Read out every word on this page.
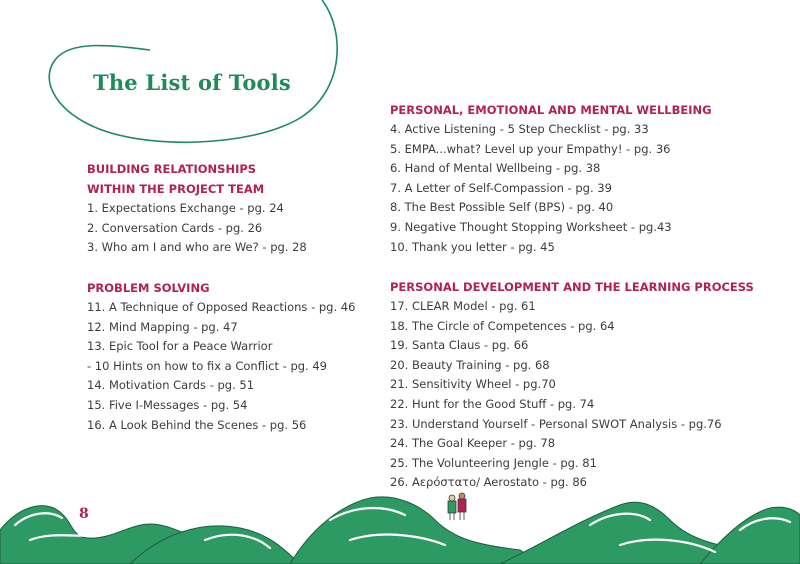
The List of Tools
BUILDING RELATIONSHIPS
WITHIN THE PROJECT TEAM
1. Expectations Exchange - pg. 24
2. Conversation Cards - pg. 26
3. Who am I and who are We? - pg. 28
PROBLEM SOLVING
11. A Technique of Opposed Reactions - pg. 46
12. Mind Mapping - pg. 47
13. Epic Tool for a Peace Warrior
- 10 Hints on how to fix a Conflict - pg. 49
14. Motivation Cards - pg. 51
15. Five I-Messages - pg. 54
16. A Look Behind the Scenes - pg. 56
PERSONAL, EMOTIONAL AND MENTAL WELLBEING
4. Active Listening - 5 Step Checklist - pg. 33
5. EMPA...what? Level up your Empathy! - pg. 36
6. Hand of Mental Wellbeing - pg. 38
7. A Letter of Self-Compassion - pg. 39
8. The Best Possible Self (BPS) - pg. 40
9. Negative Thought Stopping Worksheet - pg.43
10. Thank you letter - pg. 45
PERSONAL DEVELOPMENT AND THE LEARNING PROCESS
17. CLEAR Model - pg. 61
18. The Circle of Competences - pg. 64
19. Santa Claus - pg. 66
20. Beauty Training - pg. 68
21. Sensitivity Wheel - pg.70
22. Hunt for the Good Stuff - pg. 74
23. Understand Yourself - Personal SWOT Analysis - pg.76
24. The Goal Keeper - pg. 78
25. The Volunteering Jengle - pg. 81
26. Αερόστατο/ Aerostato - pg. 86
8
